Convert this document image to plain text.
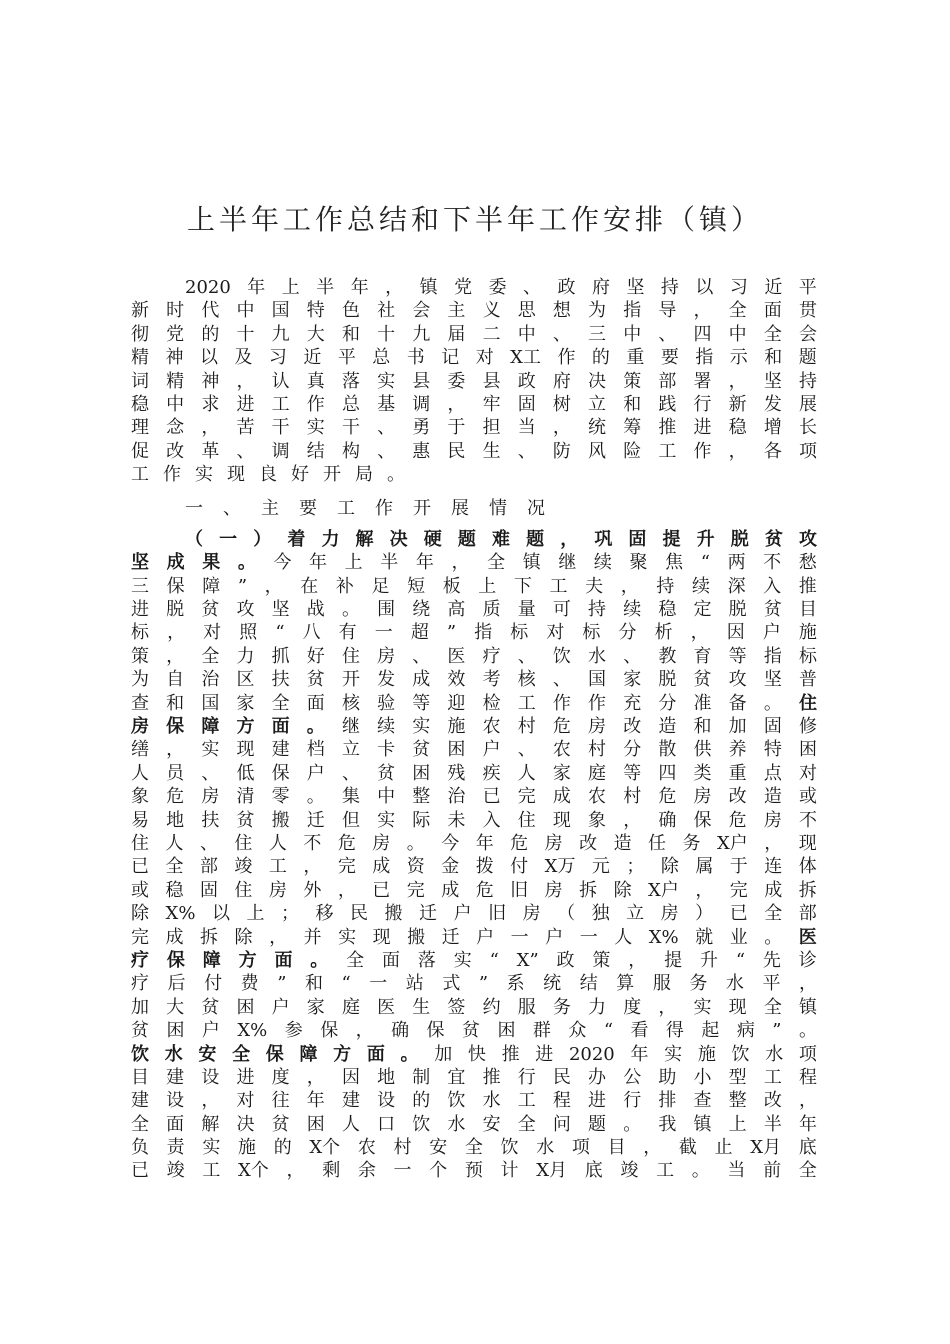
上半年工作总结和下半年工作安排（镇）
2020 年 上 半 年 ， 镇 党 委 、 政 府 坚 持 以 习 近 平
新 时 代 中 国 特 色 社 会 主 义 思 想 为 指 导 ， 全 面 贯
彻 党 的 十 九 大 和 十 九 届 二 中 、 三 中 、 四 中 全 会
精 神 以 及 习 近 平 总 书 记 对 X工 作 的 重 要 指 示 和 题
词 精 神 ， 认 真 落 实 县 委 县 政 府 决 策 部 署 ， 坚 持
稳 中 求 进 工 作 总 基 调 ， 牢 固 树 立 和 践 行 新 发 展
理 念 ， 苦 干 实 干 、 勇 于 担 当 ， 统 筹 推 进 稳 增 长
促 改 革 、 调 结 构 、 惠 民 生 、 防 风 险 工 作 ， 各 项
工 作 实 现 良 好 开 局 。
一 、 主 要 工 作 开 展 情 况
（ 一 ） 着 力 解 决 硬 题 难 题 ， 巩 固 提 升 脱 贫 攻
坚 成 果 。 今 年 上 半 年 ， 全 镇 继 续 聚 焦 “ 两 不 愁
三 保 障 ” ， 在 补 足 短 板 上 下 工 夫 ， 持 续 深 入 推
进 脱 贫 攻 坚 战 。 围 绕 高 质 量 可 持 续 稳 定 脱 贫 目
标 ， 对 照 “ 八 有 一 超 ” 指 标 对 标 分 析 ， 因 户 施
策 ， 全 力 抓 好 住 房 、 医 疗 、 饮 水 、 教 育 等 指 标
为 自 治 区 扶 贫 开 发 成 效 考 核 、 国 家 脱 贫 攻 坚 普
查 和 国 家 全 面 核 验 等 迎 检 工 作 作 充 分 准 备 。 住
房 保 障 方 面 。 继 续 实 施 农 村 危 房 改 造 和 加 固 修
缮 ， 实 现 建 档 立 卡 贫 困 户 、 农 村 分 散 供 养 特 困
人 员 、 低 保 户 、 贫 困 残 疾 人 家 庭 等 四 类 重 点 对
象 危 房 清 零 。 集 中 整 治 已 完 成 农 村 危 房 改 造 或
易 地 扶 贫 搬 迁 但 实 际 未 入 住 现 象 ， 确 保 危 房 不
住 人 、 住 人 不 危 房 。 今 年 危 房 改 造 任 务 X户 ， 现
已 全 部 竣 工 ， 完 成 资 金 拨 付 X万 元 ； 除 属 于 连 体
或 稳 固 住 房 外 ， 已 完 成 危 旧 房 拆 除 X户 ， 完 成 拆
除 X% 以 上 ； 移 民 搬 迁 户 旧 房 （ 独 立 房 ） 已 全 部
完 成 拆 除 ， 并 实 现 搬 迁 户 一 户 一 人 X% 就 业 。 医
疗 保 障 方 面 。 全 面 落 实 “ X” 政 策 ， 提 升 “ 先 诊
疗 后 付 费 ” 和 “ 一 站 式 ” 系 统 结 算 服 务 水 平 ，
加 大 贫 困 户 家 庭 医 生 签 约 服 务 力 度 ， 实 现 全 镇
贫 困 户 X% 参 保 ， 确 保 贫 困 群 众 “ 看 得 起 病 ” 。
饮 水 安 全 保 障 方 面 。 加 快 推 进 2020 年 实 施 饮 水 项
目 建 设 进 度 ， 因 地 制 宜 推 行 民 办 公 助 小 型 工 程
建 设 ， 对 往 年 建 设 的 饮 水 工 程 进 行 排 查 整 改 ，
全 面 解 决 贫 困 人 口 饮 水 安 全 问 题 。 我 镇 上 半 年
负 责 实 施 的 X个 农 村 安 全 饮 水 项 目 ， 截 止 X月 底
已 竣 工 X个 ， 剩 余 一 个 预 计 X月 底 竣 工 。 当 前 全
